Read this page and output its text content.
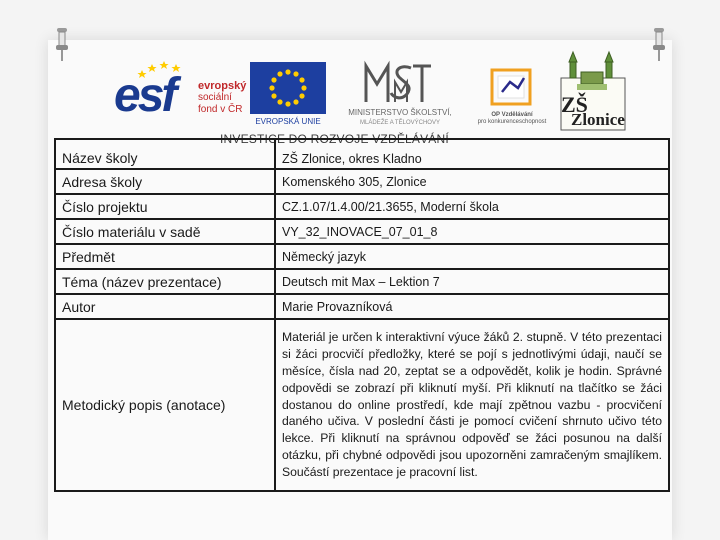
esf evropský
sociální
fond v ČR
EVROPSKÁ UNIE
MINISTERSTVO ŠKOLSTVÍ,
MLÁDEŽE A TĚLOVÝCHOVY
OP Vzdělávání
pro konkurenceschopnost
ZŠ
Zlonice
INVESTICE DO ROZVOJE VZDĚLÁVÁNÍ
Název školy	ZŠ Zlonice, okres Kladno
Adresa školy	Komenského 305, Zlonice
Číslo projektu	CZ.1.07/1.4.00/21.3655, Moderní škola
Číslo materiálu v sadě	VY_32_INOVACE_07_01_8
Předmět	Německý jazyk
Téma (název prezentace)	Deutsch mit Max – Lektion 7
Autor	Marie Provazníková
Metodický popis (anotace)	Materiál je určen k interaktivní výuce žáků 2. stupně. V této prezentaci si žáci procvičí předložky, které se pojí s jednotlivými údaji, naučí se měsíce, čísla nad 20, zeptat se a odpovědět, kolik je hodin. Správné odpovědi se zobrazí při kliknutí myší. Při kliknutí na tlačítko se žáci dostanou do online prostředí, kde mají zpětnou vazbu - procvičení daného učiva. V poslední části je pomocí cvičení shrnuto učivo této lekce. Při kliknutí na správnou odpověď se žáci posunou na další otázku, při chybné odpovědi jsou upozorněni zamračeným smajlíkem. Součástí prezentace je pracovní list.
